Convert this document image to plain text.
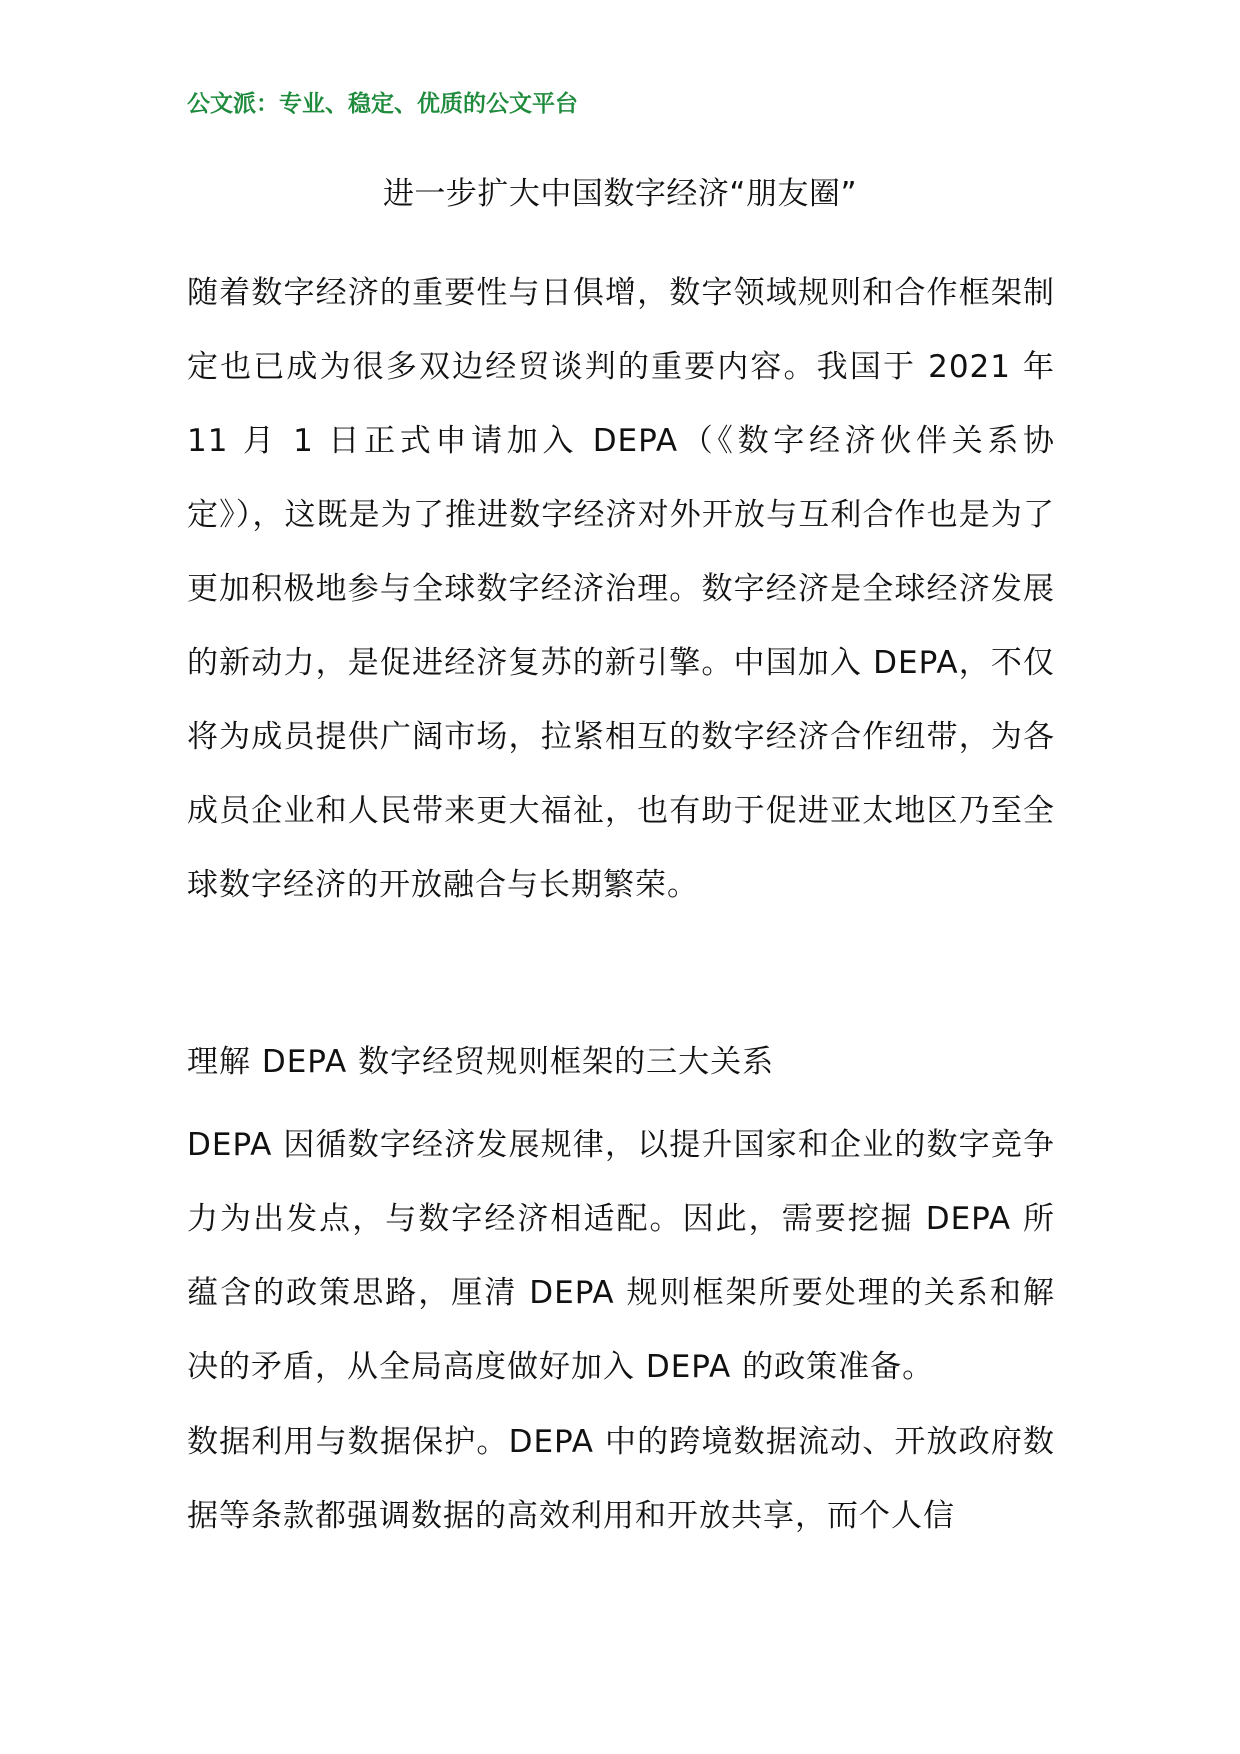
公文派：专业、稳定、优质的公文平台
进一步扩大中国数字经济“朋友圈”
随着数字经济的重要性与日俱增，数字领域规则和合作框架制定也已成为很多双边经贸谈判的重要内容。我国于 2021 年 11 月 1 日正式申请加入 DEPA（《数字经济伙伴关系协定》），这既是为了推进数字经济对外开放与互利合作也是为了更加积极地参与全球数字经济治理。数字经济是全球经济发展的新动力，是促进经济复苏的新引擎。中国加入 DEPA，不仅将为成员提供广阔市场，拉紧相互的数字经济合作纽带，为各成员企业和人民带来更大福祉，也有助于促进亚太地区乃至全球数字经济的开放融合与长期繁荣。
理解 DEPA 数字经贸规则框架的三大关系
DEPA 因循数字经济发展规律，以提升国家和企业的数字竞争力为出发点，与数字经济相适配。因此，需要挖掘 DEPA 所蕴含的政策思路，厘清 DEPA 规则框架所要处理的关系和解决的矛盾，从全局高度做好加入 DEPA 的政策准备。
数据利用与数据保护。DEPA 中的跨境数据流动、开放政府数据等条款都强调数据的高效利用和开放共享，而个人信
